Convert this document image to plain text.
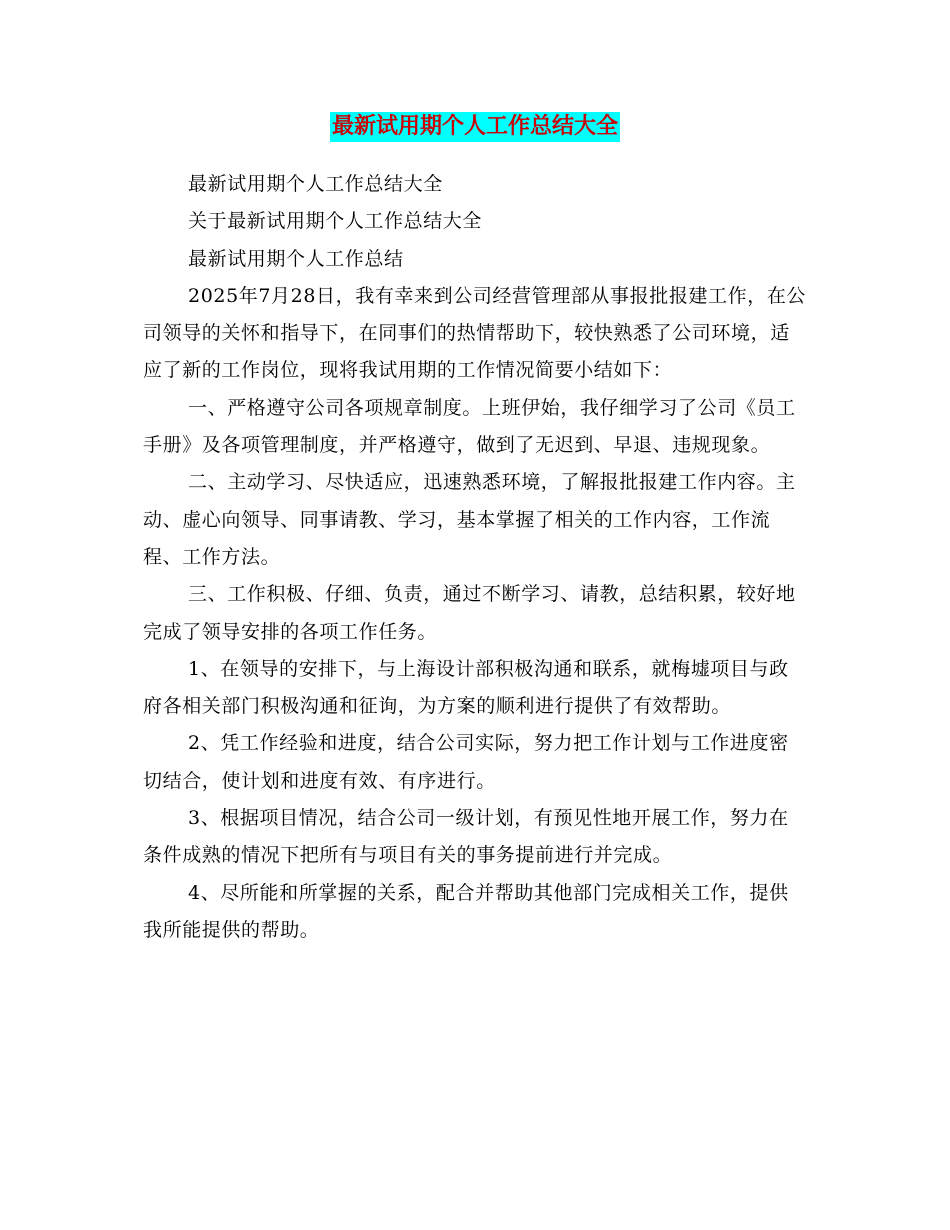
最新试用期个人工作总结大全

最新试用期个人工作总结大全

关于最新试用期个人工作总结大全

最新试用期个人工作总结

2025年7月28日，我有幸来到公司经营管理部从事报批报建工作，在公司领导的关怀和指导下，在同事们的热情帮助下，较快熟悉了公司环境，适应了新的工作岗位，现将我试用期的工作情况简要小结如下：

一、严格遵守公司各项规章制度。上班伊始，我仔细学习了公司《员工手册》及各项管理制度，并严格遵守，做到了无迟到、早退、违规现象。

二、主动学习、尽快适应，迅速熟悉环境，了解报批报建工作内容。主动、虚心向领导、同事请教、学习，基本掌握了相关的工作内容，工作流程、工作方法。

三、工作积极、仔细、负责，通过不断学习、请教，总结积累，较好地完成了领导安排的各项工作任务。

1、在领导的安排下，与上海设计部积极沟通和联系，就梅墟项目与政府各相关部门积极沟通和征询，为方案的顺利进行提供了有效帮助。

2、凭工作经验和进度，结合公司实际，努力把工作计划与工作进度密切结合，使计划和进度有效、有序进行。

3、根据项目情况，结合公司一级计划，有预见性地开展工作，努力在条件成熟的情况下把所有与项目有关的事务提前进行并完成。

4、尽所能和所掌握的关系，配合并帮助其他部门完成相关工作，提供我所能提供的帮助。
